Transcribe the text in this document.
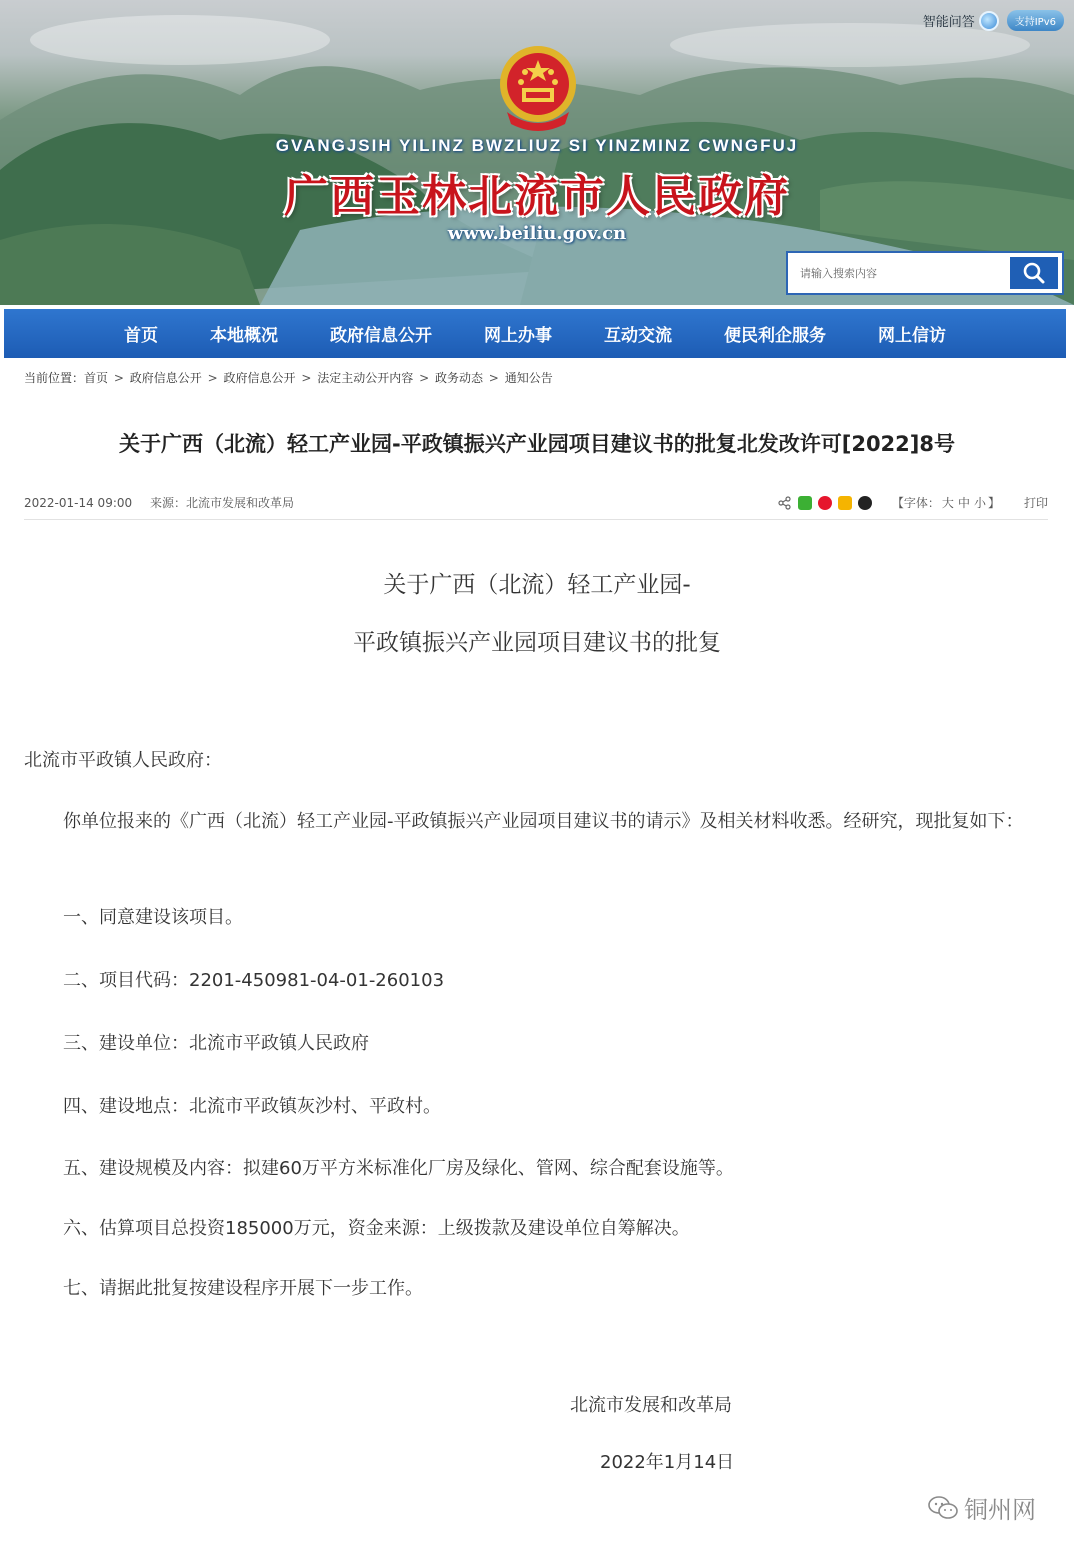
智能问答	支持IPv6
GVANGJSIH YILINZ BWZLIUZ SI YINZMINZ CWNGFUJ
广西玉林北流市人民政府
www.beiliu.gov.cn
请输入搜索内容
首页	本地概况	政府信息公开	网上办事	互动交流	便民利企服务	网上信访
当前位置：首页 > 政府信息公开 > 政府信息公开 > 法定主动公开内容 > 政务动态 > 通知公告
关于广西（北流）轻工产业园-平政镇振兴产业园项目建议书的批复北发改许可[2022]8号
2022-01-14 09:00 来源：北流市发展和改革局	【字体： 大 中 小 】 打印
关于广西（北流）轻工产业园-
平政镇振兴产业园项目建议书的批复
北流市平政镇人民政府：

你单位报来的《广西（北流）轻工产业园-平政镇振兴产业园项目建议书的请示》及相关材料收悉。经研究，现批复如下：

一、同意建设该项目。
二、项目代码：2201-450981-04-01-260103
三、建设单位：北流市平政镇人民政府
四、建设地点：北流市平政镇灰沙村、平政村。
五、建设规模及内容：拟建60万平方米标准化厂房及绿化、管网、综合配套设施等。
六、估算项目总投资185000万元，资金来源：上级拨款及建设单位自筹解决。
七、请据此批复按建设程序开展下一步工作。
北流市发展和改革局
2022年1月14日
铜州网
